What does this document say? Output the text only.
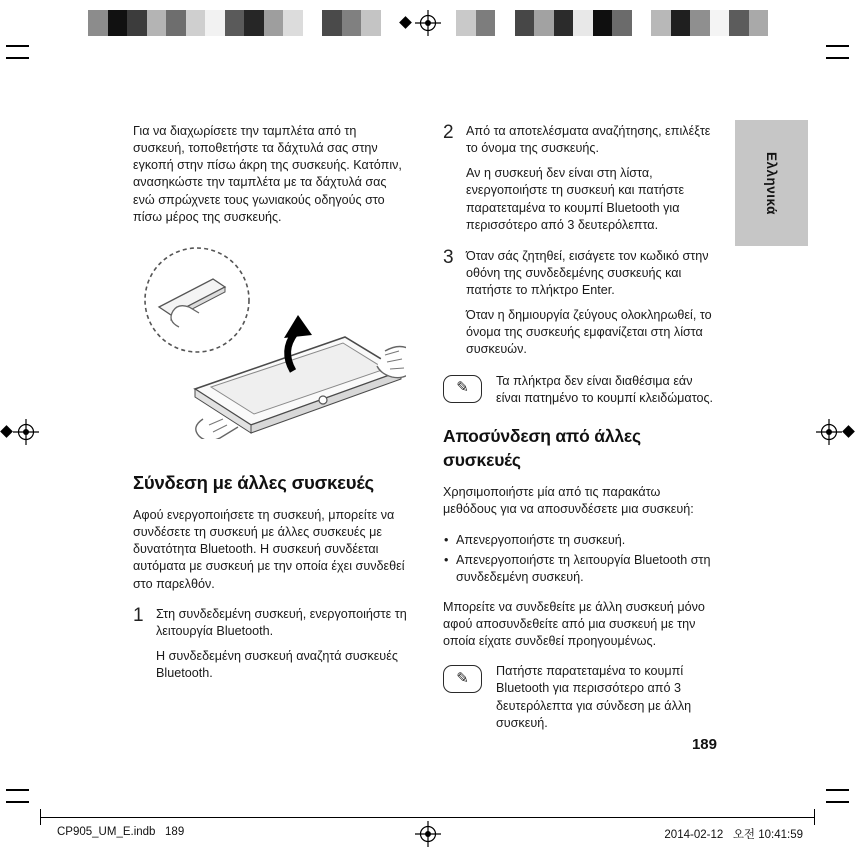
Ελληνικά

Για να διαχωρίσετε την ταμπλέτα από τη συσκευή, τοποθετήστε τα δάχτυλά σας στην εγκοπή στην πίσω άκρη της συσκευής. Κατόπιν, ανασηκώστε την ταμπλέτα με τα δάχτυλά σας ενώ σπρώχνετε τους γωνιακούς οδηγούς στο πίσω μέρος της συσκευής.

Σύνδεση με άλλες συσκευές

Αφού ενεργοποιήσετε τη συσκευή, μπορείτε να συνδέσετε τη συσκευή με άλλες συσκευές με δυνατότητα Bluetooth. Η συσκευή συνδέεται αυτόματα με συσκευή με την οποία έχει συνδεθεί στο παρελθόν.

1 Στη συνδεδεμένη συσκευή, ενεργοποιήστε τη λειτουργία Bluetooth.
Η συνδεδεμένη συσκευή αναζητά συσκευές Bluetooth.
2 Από τα αποτελέσματα αναζήτησης, επιλέξτε το όνομα της συσκευής.
Αν η συσκευή δεν είναι στη λίστα, ενεργοποιήστε τη συσκευή και πατήστε παρατεταμένα το κουμπί Bluetooth για περισσότερο από 3 δευτερόλεπτα.
3 Όταν σάς ζητηθεί, εισάγετε τον κωδικό στην οθόνη της συνδεδεμένης συσκευής και πατήστε το πλήκτρο Enter.
Όταν η δημιουργία ζεύγους ολοκληρωθεί, το όνομα της συσκευής εμφανίζεται στη λίστα συσκευών.
✎	Τα πλήκτρα δεν είναι διαθέσιμα εάν είναι πατημένο το κουμπί κλειδώματος.
Αποσύνδεση από άλλες συσκευές

Χρησιμοποιήστε μία από τις παρακάτω μεθόδους για να αποσυνδέσετε μια συσκευή:

• Απενεργοποιήστε τη συσκευή.
• Απενεργοποιήστε τη λειτουργία Bluetooth στη συνδεδεμένη συσκευή.

Μπορείτε να συνδεθείτε με άλλη συσκευή μόνο αφού αποσυνδεθείτε από μια συσκευή με την οποία είχατε συνδεθεί προηγουμένως.

✎	Πατήστε παρατεταμένα το κουμπί Bluetooth για περισσότερο από 3 δευτερόλεπτα για σύνδεση με άλλη συσκευή.
189
CP905_UM_E.indb   189	2014-02-12   오전 10:41:59
